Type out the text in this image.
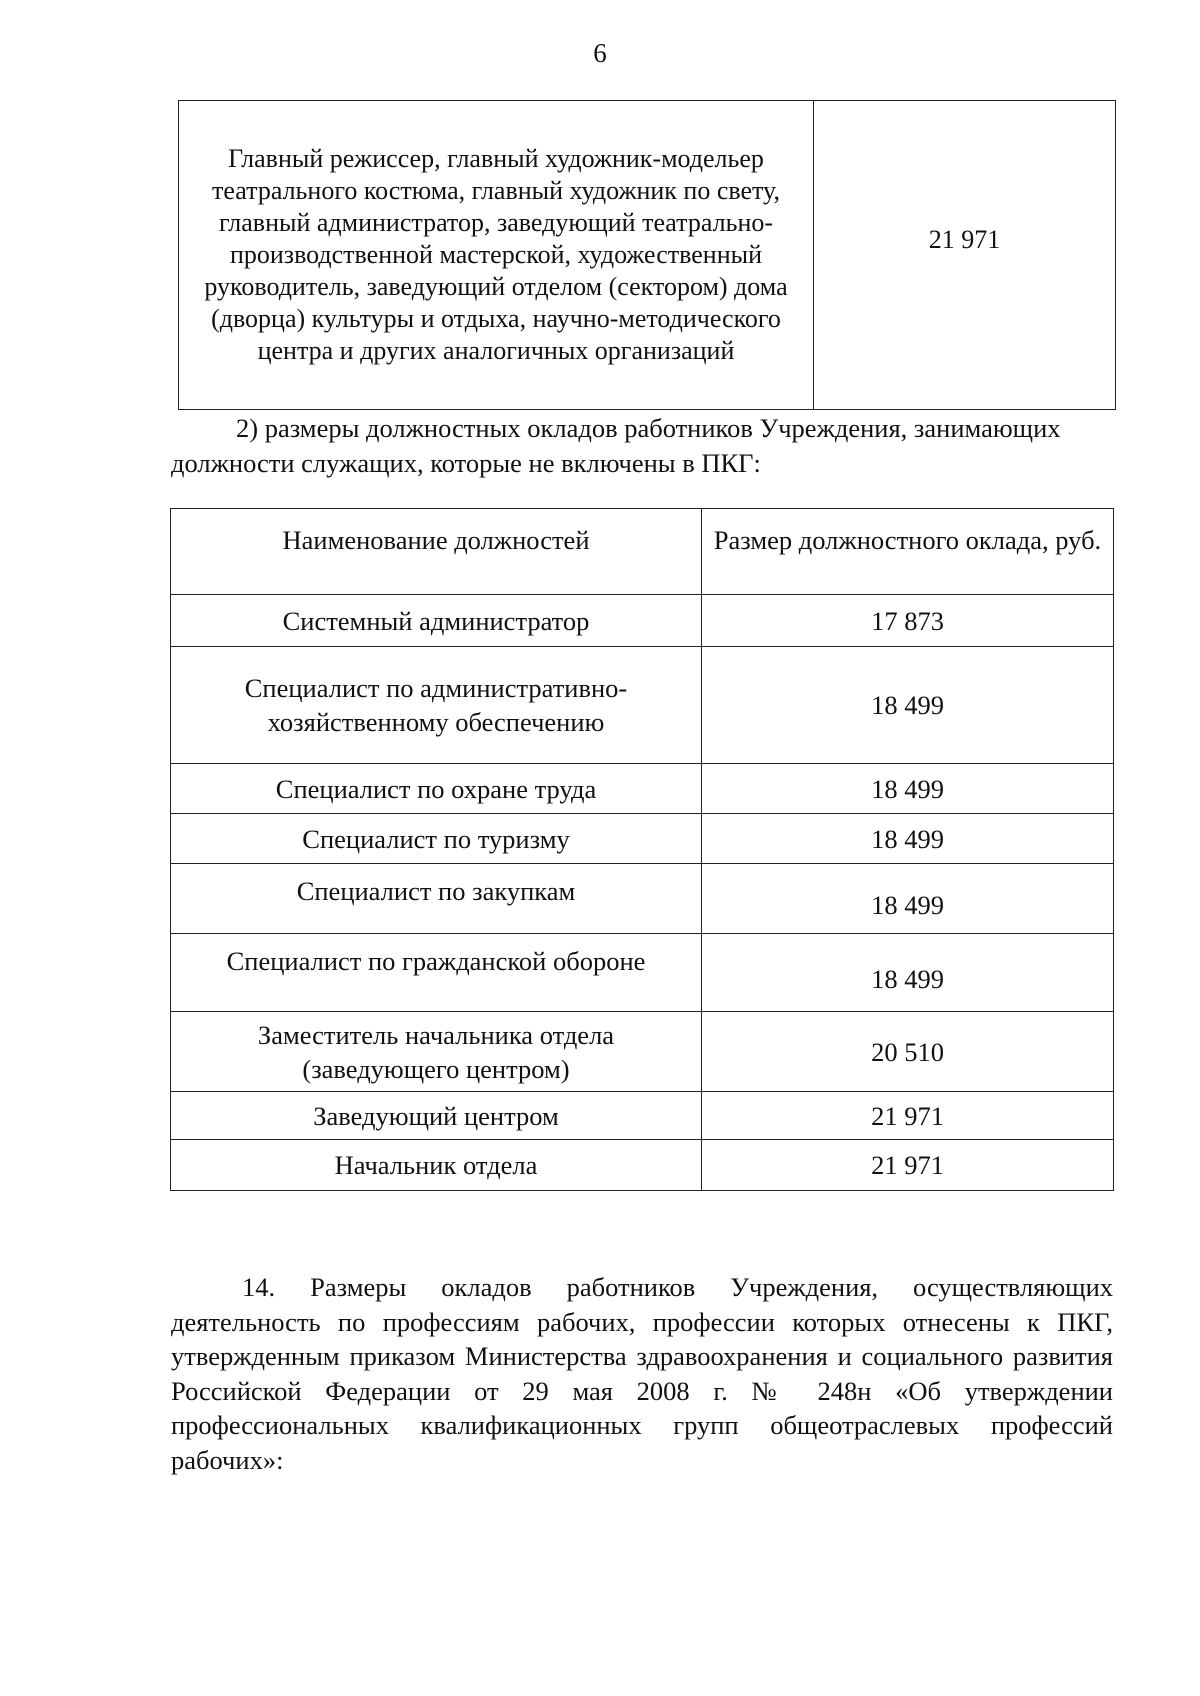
6
Главный режиссер, главный художник-модельер театрального костюма, главный художник по свету, главный администратор, заведующий театрально-производственной мастерской, художественный руководитель, заведующий отделом (сектором) дома (дворца) культуры и отдыха, научно-методического центра и других аналогичных организаций	21 971

2) размеры должностных окладов работников Учреждения, занимающих должности служащих, которые не включены в ПКГ:

Наименование должностей	Размер должностного оклада, руб.
Системный администратор	17 873
Специалист по административно-хозяйственному обеспечению	18 499
Специалист по охране труда	18 499
Специалист по туризму	18 499
Специалист по закупкам	18 499
Специалист по гражданской обороне	18 499
Заместитель начальника отдела (заведующего центром)	20 510
Заведующий центром	21 971
Начальник отдела	21 971

14. Размеры окладов работников Учреждения, осуществляющих деятельность по профессиям рабочих, профессии которых отнесены к ПКГ, утвержденным приказом Министерства здравоохранения и социального развития Российской Федерации от 29 мая 2008 г. № 248н «Об утверждении профессиональных квалификационных групп общеотраслевых профессий рабочих»:
